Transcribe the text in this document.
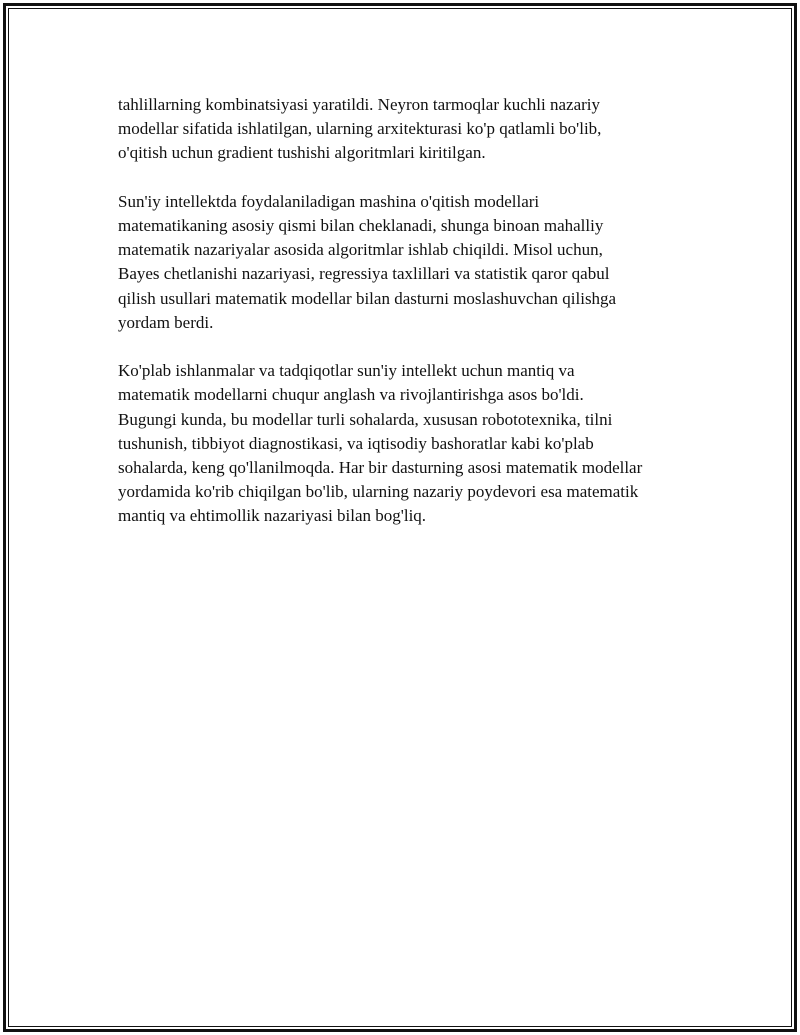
tahlillarning kombinatsiyasi yaratildi. Neyron tarmoqlar kuchli nazariy
modellar sifatida ishlatilgan, ularning arxitekturasi ko'p qatlamli bo'lib,
o'qitish uchun gradient tushishi algoritmlari kiritilgan.

Sun'iy intellektda foydalaniladigan mashina o'qitish modellari
matematikaning asosiy qismi bilan cheklanadi, shunga binoan mahalliy
matematik nazariyalar asosida algoritmlar ishlab chiqildi. Misol uchun,
Bayes chetlanishi nazariyasi, regressiya taxlillari va statistik qaror qabul
qilish usullari matematik modellar bilan dasturni moslashuvchan qilishga
yordam berdi.

Ko'plab ishlanmalar va tadqiqotlar sun'iy intellekt uchun mantiq va
matematik modellarni chuqur anglash va rivojlantirishga asos bo'ldi.
Bugungi kunda, bu modellar turli sohalarda, xususan robototexnika, tilni
tushunish, tibbiyot diagnostikasi, va iqtisodiy bashoratlar kabi ko'plab
sohalarda, keng qo'llanilmoqda. Har bir dasturning asosi matematik modellar
yordamida ko'rib chiqilgan bo'lib, ularning nazariy poydevori esa matematik
mantiq va ehtimollik nazariyasi bilan bog'liq.
